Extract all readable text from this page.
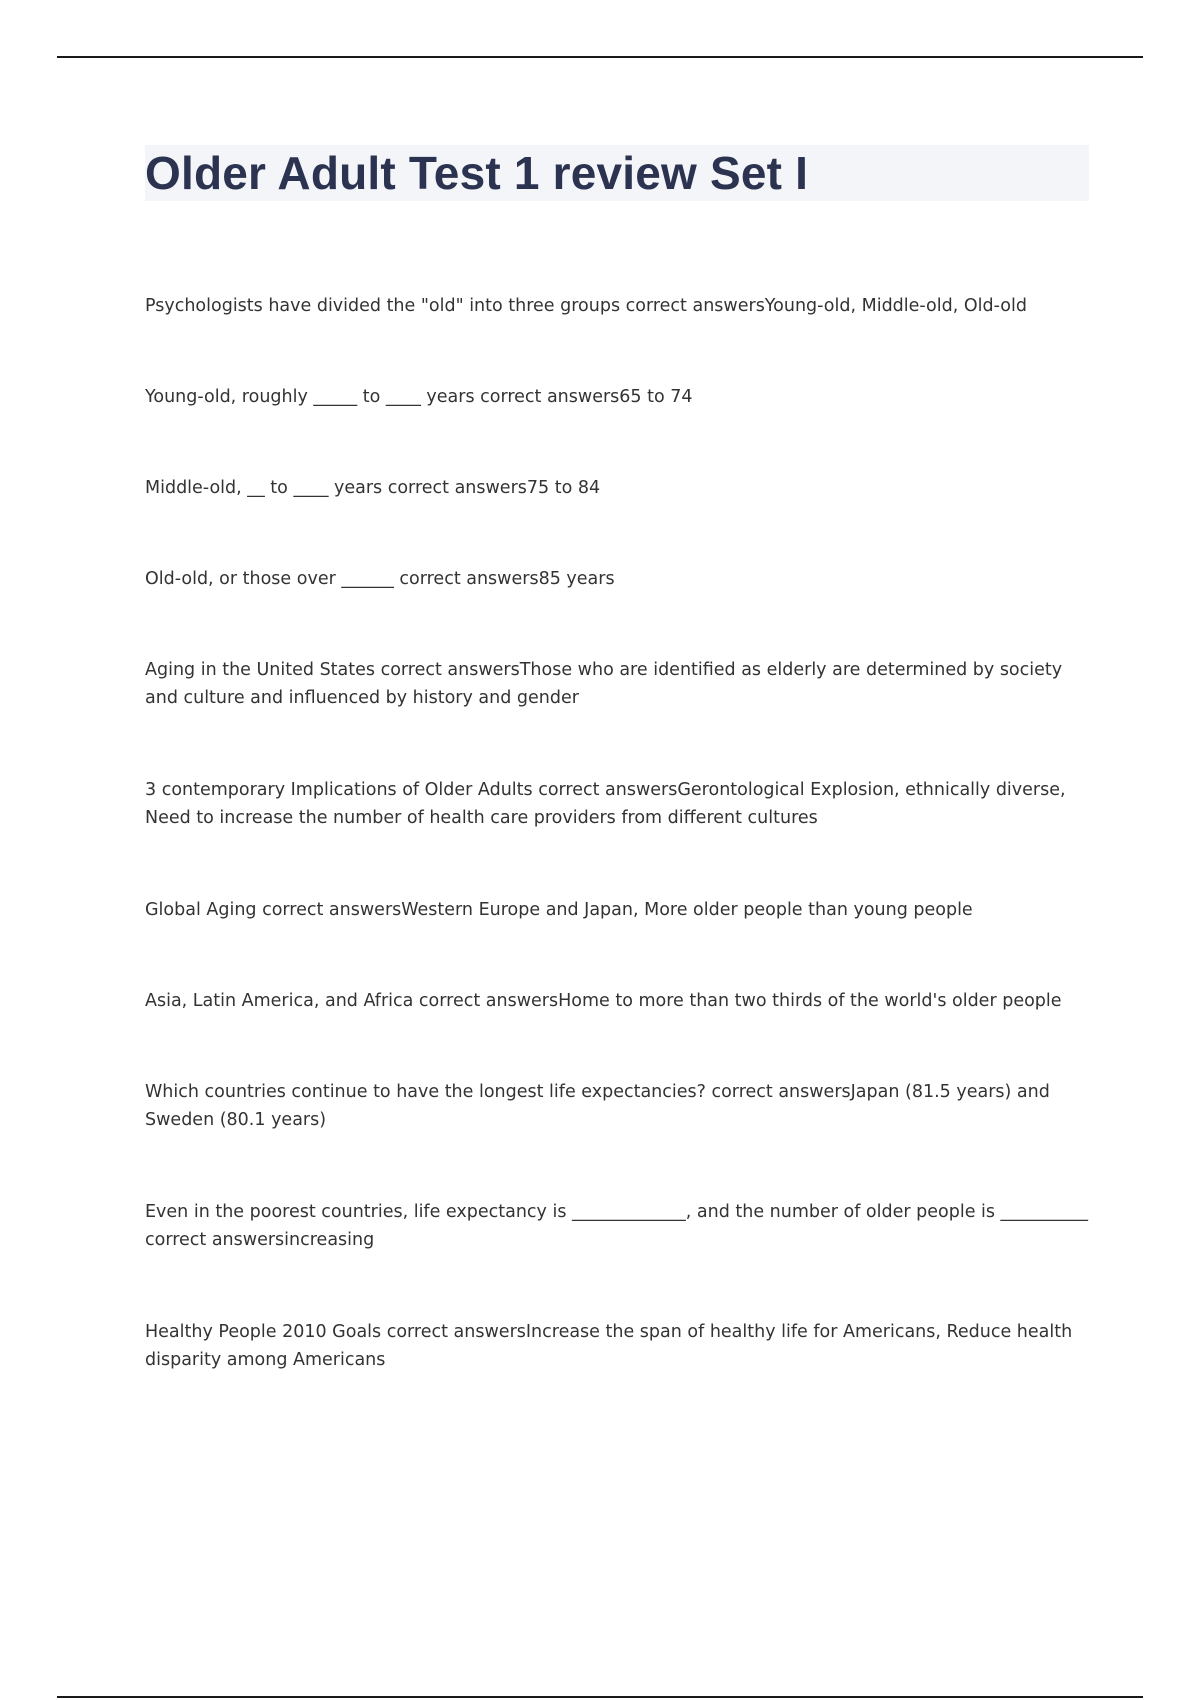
Older Adult Test 1 review Set I
Psychologists have divided the "old" into three groups correct answersYoung-old, Middle-old, Old-old
Young-old, roughly _____ to ____ years correct answers65 to 74
Middle-old, __ to ____ years correct answers75 to 84
Old-old, or those over ______ correct answers85 years
Aging in the United States correct answersThose who are identified as elderly are determined by society and culture and influenced by history and gender
3 contemporary Implications of Older Adults correct answersGerontological Explosion, ethnically diverse, Need to increase the number of health care providers from different cultures
Global Aging correct answersWestern Europe and Japan, More older people than young people
Asia, Latin America, and Africa correct answersHome to more than two thirds of the world's older people
Which countries continue to have the longest life expectancies? correct answersJapan (81.5 years) and Sweden (80.1 years)
Even in the poorest countries, life expectancy is _____________, and the number of older people is __________ correct answersincreasing
Healthy People 2010 Goals correct answersIncrease the span of healthy life for Americans, Reduce health disparity among Americans
